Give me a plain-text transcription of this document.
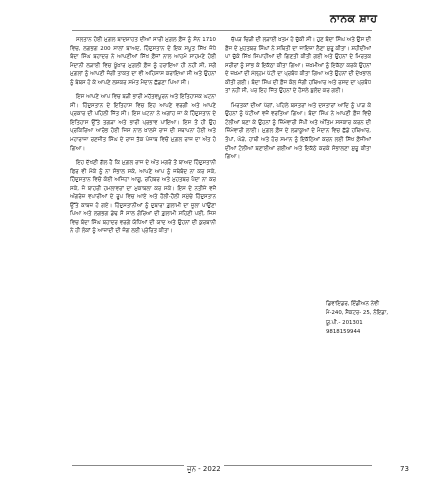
ਨਾਨਕ ਸ਼ਾਹ

ਸਲਤਾਨ ਹੋਈ ਮੁਗ਼ਲ ਬਾਦਸ਼ਾਹਤ ਦੀਆਂ ਸਾਰੀ ਮੁਗ਼ਲ ਫ਼ੌਜ ਨੂੰ ਸੰਨ 1710 ਵਿਚ, ਲਗਭਗ 200 ਸਾਲਾਂ ਬਾਅਦ, ਹਿੰਦੁਸਤਾਨ ਦੇ ਇਕ ਸਪੂਤ ਸਿੱਖ ਜੋਧੇ ਬੰਦਾ ਸਿੰਘ ਬਹਾਦਰ ਨੇ ਆਪਣੀਆਂ ਸਿੱਖ ਫ਼ੌਜਾਂ ਨਾਲ ਆਹਮੋ ਸਾਹਮਣੇ ਹੋਈ ਮੈਦਾਨੀ ਲੜਾਈ ਵਿਚ ਖ਼ੂੰਖ਼ਾਰ ਮੁਗ਼ਲੀ ਫ਼ੌਜ ਨੂੰ ਹਰਾਇਆ ਹੀ ਨਹੀਂ ਸੀ, ਸਗੋਂ ਮੁਗ਼ਲਾਂ ਨੂੰ ਆਪਣੀ ਜੰਗੀ ਤਾਕਤ ਦਾ ਵੀ ਅਹਿਸਾਸ ਕਰਾਇਆ ਸੀ ਅਤੇ ਉਹਨਾਂ ਨੂੰ ਬੇਬਸ ਹੋ ਕੇ ਆਪਣੇ ਲਸ਼ਕਰ ਸਮੇਤ ਮੈਦਾਨ ਛੱਡਣਾ ਪਿਆ ਸੀ।

ਇਸ ਆਪਣੇ ਆਪ ਵਿਚ ਬੜੀ ਭਾਰੀ ਮਹੱਤਵਪੂਰਨ ਅਤੇ ਇਤਿਹਾਸਕ ਘਟਨਾ ਸੀ। ਹਿੰਦੁਸਤਾਨ ਦੇ ਇਤਿਹਾਸ ਵਿਚ ਇਹ ਆਪਣੇ ਵਰਗੀ ਅਤੇ ਆਪਣੇ ਪ੍ਰਕਾਰ ਦੀ ਪਹਿਲੀ ਜਿੱਤ ਸੀ। ਇਸ ਘਟਨਾ ਨੇ ਅਗਾਂਹ ਜਾ ਕੇ ਹਿੰਦੁਸਤਾਨ ਦੇ ਇਤਿਹਾਸ ਉੱਤੇ ਤਗੜਾ ਅਤੇ ਭਾਰੀ ਪ੍ਰਭਾਵ ਪਾਇਆ। ਇਸ ਤੋਂ ਹੀ ਉਹ ਪ੍ਰਕਿਰਿਆ ਆਰੰਭ ਹੋਈ ਜਿਸ ਨਾਲ ਖ਼ਾਲਸੇ ਰਾਜ ਦੀ ਸਥਾਪਨਾ ਹੋਈ ਅਤੇ ਮਹਾਰਾਜਾ ਰਣਜੀਤ ਸਿੰਘ ਦੇ ਰਾਜ ਤੱਕ ਪੰਜਾਬ ਵਿਚੋਂ ਮੁਗ਼ਲ ਰਾਜ ਦਾ ਅੰਤ ਹੋ ਗਿਆ।

ਇਹ ਦੱਖਣੀ ਗੱਲ ਹੈ ਕਿ ਮੁਗ਼ਲ ਰਾਜ ਦੇ ਅੰਤ ਮਗਰੋਂ ਤੋਂ ਬਾਅਦ ਹਿੰਦੁਸਤਾਨੀ ਫਿਰ ਵੀ ਮੌਕੇ ਨੂੰ ਨਾ ਸੰਭਾਲ ਸਕੇ, ਆਪਣੇ ਆਪ ਨੂੰ ਜਥੇਬੰਦ ਨਾ ਕਰ ਸਕੇ, ਹਿੰਦੁਸਤਾਨ ਵਿਚੋਂ ਕੋਈ ਅਜਿਹਾ ਆਗੂ, ਰਹਿਬਰ ਅਤੇ ਮੁਹਤਬਰ ਪੈਦਾ ਨਾ ਕਰ ਸਕੇ, ਜੋ ਬਾਹਰੀ ਹਮਲਾਵਰਾਂ ਦਾ ਮੁਕਾਬਲਾ ਕਰ ਸਕੇ। ਇਸ ਦੇ ਨਤੀਜੇ ਵਜੋਂ ਅੰਗਰੇਜ਼ ਵਪਾਰੀਆਂ ਦੇ ਰੂਪ ਵਿਚ ਆਏ ਅਤੇ ਹੌਲੀ-ਹੌਲੀ ਸਮੁੱਚੇ ਹਿੰਦੁਸਤਾਨ ਉੱਤੇ ਕਾਬਜ਼ ਹੋ ਗਏ। ਹਿੰਦੁਸਤਾਨੀਆਂ ਨੂੰ ਦੁਬਾਰਾ ਗ਼ੁਲਾਮੀ ਦਾ ਜੂਲਾ ਪਾਉਣਾ ਪਿਆ ਅਤੇ ਲਗਭਗ ਡੇਢ ਸੌ ਸਾਲ ਗੋਰਿਆਂ ਦੀ ਗ਼ੁਲਾਮੀ ਸਹਿਣੀ ਪਈ, ਜਿਸ ਵਿਚ ਬੰਦਾ ਸਿੰਘ ਬਹਾਦਰ ਵਰਗੇ ਯੋਧਿਆਂ ਦੀ ਯਾਦ ਅਤੇ ਉਹਨਾਂ ਦੀ ਕੁਰਬਾਨੀ ਨੇ ਹੀ ਲੋਕਾਂ ਨੂੰ ਆਜ਼ਾਦੀ ਦੀ ਜੰਗ ਲਈ ਪ੍ਰੇਰਿਤ ਕੀਤਾ।

ਚੱਪੜ ਚਿੜੀ ਦੀ ਲੜਾਈ ਖ਼ਤਮ ਹੋ ਚੁੱਕੀ ਸੀ। ਹੁਣ ਬੰਦਾ ਸਿੰਘ ਅਤੇ ਉਸ ਦੀ ਫ਼ੌਜ ਦੇ ਮੁਹਤਬਰ ਸਿੰਘਾਂ ਨੇ ਸਥਿਤੀ ਦਾ ਜਾਇਜ਼ਾ ਲੈਣਾ ਸ਼ੁਰੂ ਕੀਤਾ। ਸ਼ਹੀਦੀਆਂ ਪਾ ਚੁੱਕੇ ਸਿੱਖ ਸਿਪਾਹੀਆਂ ਦੀ ਗਿਣਤੀ ਕੀਤੀ ਗਈ ਅਤੇ ਉਹਨਾਂ ਦੇ ਮਿਰਤਕ ਸਰੀਰਾਂ ਨੂੰ ਸਾਂਭ ਕੇ ਇਕੱਠਾ ਕੀਤਾ ਗਿਆ। ਜ਼ਖ਼ਮੀਆਂ ਨੂੰ ਇਕੱਠਾ ਕਰਕੇ ਉਹਨਾਂ ਦੇ ਜ਼ਖ਼ਮਾਂ ਦੀ ਮੱਲ੍ਹਮ ਪੱਟੀ ਦਾ ਪ੍ਰਬੰਧ ਕੀਤਾ ਗਿਆ ਅਤੇ ਉਹਨਾਂ ਦੀ ਦੇਖਭਾਲ ਕੀਤੀ ਗਈ। ਬੰਦਾ ਸਿੰਘ ਦੀ ਫ਼ੌਜ ਕੋਲ ਜੰਗੀ ਹਥਿਆਰ ਅਤੇ ਰਸਦ ਦਾ ਪ੍ਰਬੰਧ ਤਾਂ ਨਹੀਂ ਸੀ, ਪਰ ਇਹ ਜਿੱਤ ਉਹਨਾਂ ਦੇ ਹੌਸਲੇ ਬੁਲੰਦ ਕਰ ਗਈ।

ਮਿਰਤਕਾਂ ਦੀਆਂ ਪੱਗਾਂ, ਪਹਿਲੇ ਬਸਤਰਾਂ ਅਤੇ ਦਸਤਾਰਾਂ ਆਦਿ ਨੂੰ ਪਾੜ ਕੇ ਉਹਨਾਂ ਨੂੰ ਪੱਟੀਆਂ ਵਜੋਂ ਵਰਤਿਆ ਗਿਆ। ਬੰਦਾ ਸਿੰਘ ਨੇ ਆਪਣੀ ਫ਼ੌਜ ਵਿਚੋਂ ਟੋਲੀਆਂ ਬਣਾ ਕੇ ਉਹਨਾਂ ਨੂੰ ਜ਼ਿੰਮੇਵਾਰੀ ਸੌਂਪੀ ਅਤੇ ਅੰਤਿਮ ਸਸਕਾਰ ਕਰਨ ਦੀ ਜ਼ਿੰਮੇਵਾਰੀ ਲਾਈ। ਮੁਗ਼ਲ ਫ਼ੌਜ ਦੇ ਲੜਾਕੂਆਂ ਦੇ ਮੈਦਾਨ ਵਿਚ ਛੱਡੇ ਹਥਿਆਰ, ਤੋਪਾਂ, ਘੋੜੇ, ਹਾਥੀ ਅਤੇ ਹੋਰ ਸਮਾਨ ਨੂੰ ਇਕੱਠਿਆਂ ਕਰਨ ਲਈ ਸਿੱਖ ਫ਼ੌਜੀਆਂ ਦੀਆਂ ਟੋਲੀਆਂ ਬਣਾਈਆਂ ਗਈਆਂ ਅਤੇ ਇਕੱਠੇ ਕਰਕੇ ਸੰਭਾਲਣਾ ਸ਼ੁਰੂ ਕੀਤਾ ਗਿਆ।

ਡਿਵਾਇਡਰ, ਇੰਡੀਅਨ ਨੇਵੀ
ਮੈ-240, ਸੈਕਟਰ- 25, ਨੋਇਡਾ,
ਯੂ.ਪੀ.- 201301
9818159944
ਜੂਨ - 2022	73
